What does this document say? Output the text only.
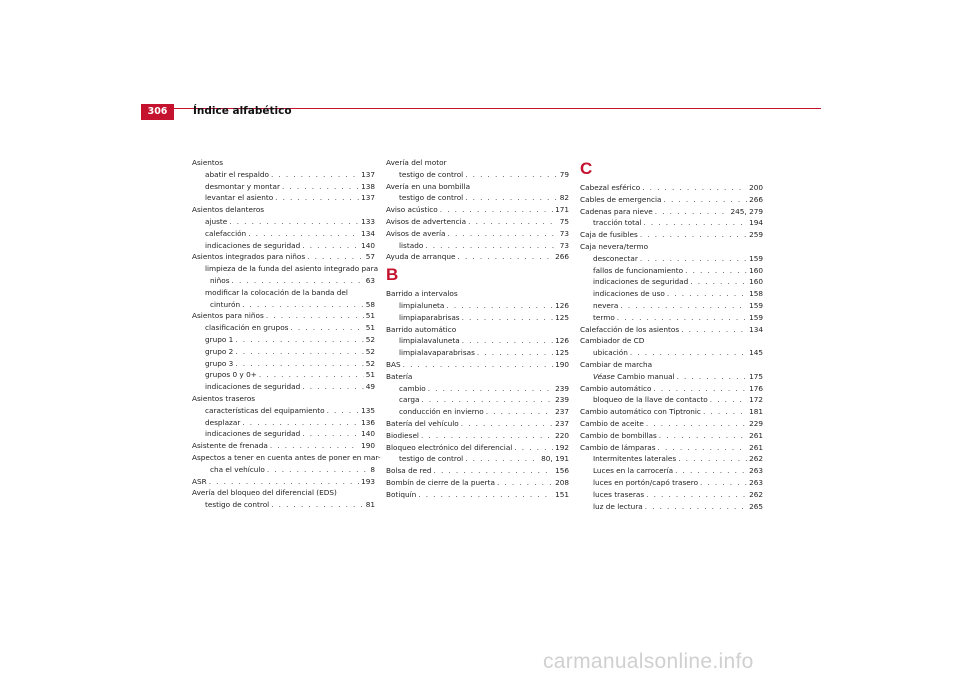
306	Índice alfabético
Asientos
abatir el respaldo . . .	137
desmontar y montar . . .	138
levantar el asiento . . .	137
Asientos delanteros
ajuste . . .	133
calefacción . . .	134
indicaciones de seguridad . . .	140
Asientos integrados para niños . . .	57
limpieza de la funda del asiento integrado para
niños . . .	63
modificar la colocación de la banda del
cinturón . . .	58
Asientos para niños . . .	51
clasificación en grupos . . .	51
grupo 1 . . .	52
grupo 2 . . .	52
grupo 3 . . .	52
grupos 0 y 0+ . . .	51
indicaciones de seguridad . . .	49
Asientos traseros
características del equipamiento . . .	135
desplazar . . .	136
indicaciones de seguridad . . .	140
Asistente de frenada . . .	190
Aspectos a tener en cuenta antes de poner en mar-
cha el vehículo . . .	8
ASR . . .	193
Avería del bloqueo del diferencial (EDS)
testigo de control . . .	81
Avería del motor
testigo de control . . .	79
Avería en una bombilla
testigo de control . . .	82
Aviso acústico . . .	171
Avisos de advertencia . . .	75
Avisos de avería . . .	73
listado . . .	73
Ayuda de arranque . . .	266
B
Barrido a intervalos
limpialuneta . . .	126
limpiaparabrisas . . .	125
Barrido automático
limpialavaluneta . . .	126
limpialavaparabrisas . . .	125
BAS . . .	190
Batería
cambio . . .	239
carga . . .	239
conducción en invierno . . .	237
Batería del vehículo . . .	237
Biodiesel . . .	220
Bloqueo electrónico del diferencial . . .	192
testigo de control . . .	80, 191
Bolsa de red . . .	156
Bombín de cierre de la puerta . . .	208
Botiquín . . .	151
C
Cabezal esférico . . .	200
Cables de emergencia . . .	266
Cadenas para nieve . . .	245, 279
tracción total . . .	194
Caja de fusibles . . .	259
Caja nevera/termo
desconectar . . .	159
fallos de funcionamiento . . .	160
indicaciones de seguridad . . .	160
indicaciones de uso . . .	158
nevera . . .	159
termo . . .	159
Calefacción de los asientos . . .	134
Cambiador de CD
ubicación . . .	145
Cambiar de marcha
Véase Cambio manual . . .	175
Cambio automático . . .	176
bloqueo de la llave de contacto . . .	172
Cambio automático con Tiptronic . . .	181
Cambio de aceite . . .	229
Cambio de bombillas . . .	261
Cambio de lámparas . . .	261
Intermitentes laterales . . .	262
Luces en la carrocería . . .	263
luces en portón/capó trasero . . .	263
luces traseras . . .	262
luz de lectura . . .	265
carmanualsonline.info
